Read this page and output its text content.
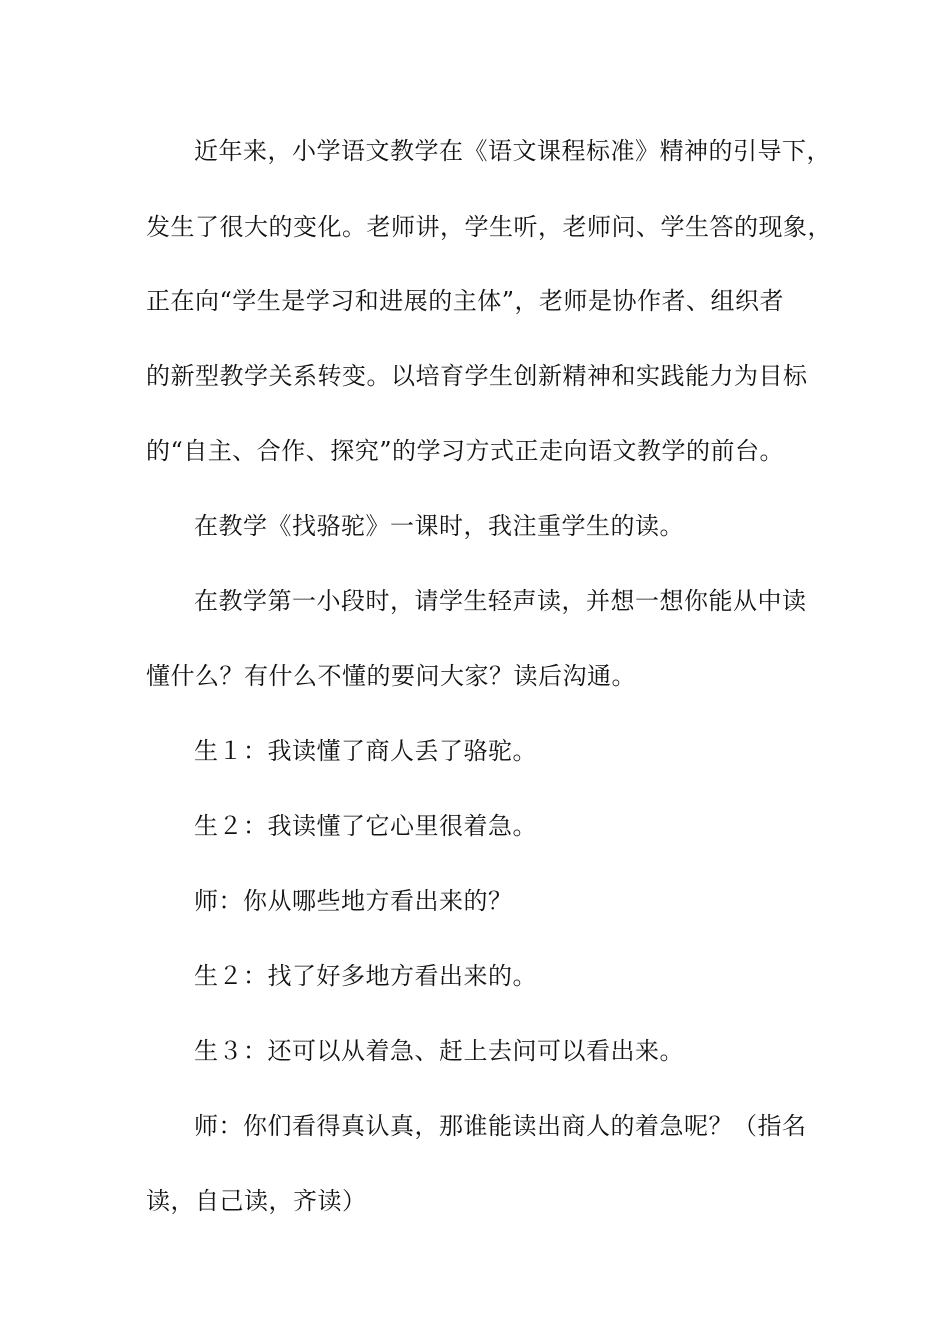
近年来，小学语文教学在《语文课程标准》精神的引导下，
发生了很大的变化。老师讲，学生听，老师问、学生答的现象，
正在向“学生是学习和进展的主体”，老师是协作者、组织者
的新型教学关系转变。以培育学生创新精神和实践能力为目标
的“自主、合作、探究”的学习方式正走向语文教学的前台。
在教学《找骆驼》一课时，我注重学生的读。
在教学第一小段时，请学生轻声读，并想一想你能从中读
懂什么？有什么不懂的要问大家？读后沟通。
生１：我读懂了商人丢了骆驼。
生２：我读懂了它心里很着急。
师：你从哪些地方看出来的？
生２：找了好多地方看出来的。
生３：还可以从着急、赶上去问可以看出来。
师：你们看得真认真，那谁能读出商人的着急呢？（指名
读，自己读，齐读）
